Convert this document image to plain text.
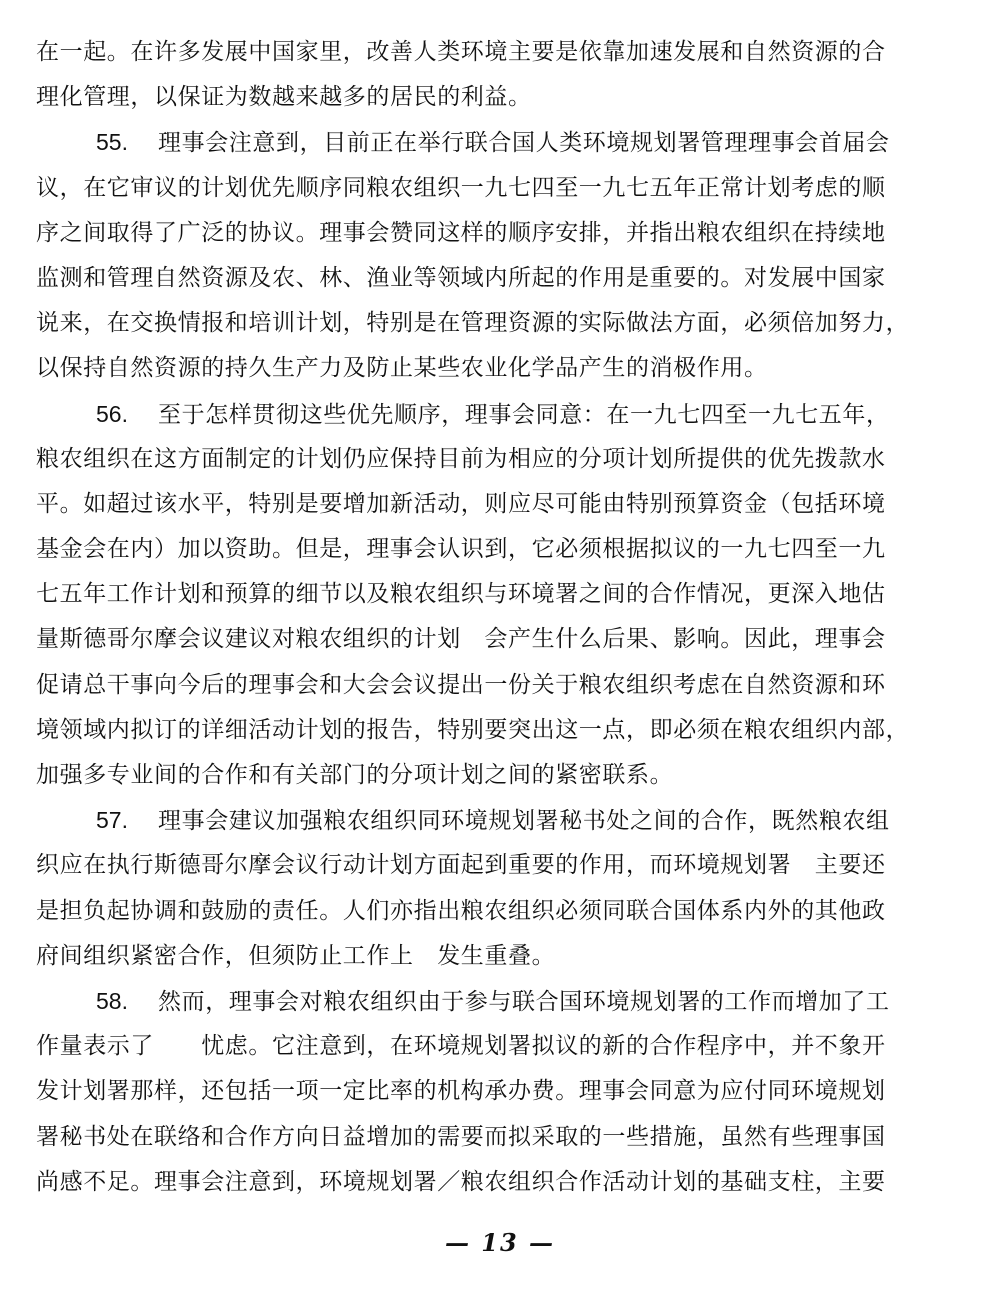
在一起。在许多发展中国家里，改善人类环境主要是依靠加速发展和自然资源的合
理化管理，以保证为数越来越多的居民的利益。
55. 理事会注意到，目前正在举行联合国人类环境规划署管理理事会首届会
议，在它审议的计划优先顺序同粮农组织一九七四至一九七五年正常计划考虑的顺
序之间取得了广泛的协议。理事会赞同这样的顺序安排，并指出粮农组织在持续地
监测和管理自然资源及农、林、渔业等领域内所起的作用是重要的。对发展中国家
说来，在交换情报和培训计划，特别是在管理资源的实际做法方面，必须倍加努力，
以保持自然资源的持久生产力及防止某些农业化学品产生的消极作用。
56. 至于怎样贯彻这些优先顺序，理事会同意：在一九七四至一九七五年，
粮农组织在这方面制定的计划仍应保持目前为相应的分项计划所提供的优先拨款水
平。如超过该水平，特别是要增加新活动，则应尽可能由特别预算资金（包括环境
基金会在内）加以资助。但是，理事会认识到，它必须根据拟议的一九七四至一九
七五年工作计划和预算的细节以及粮农组织与环境署之间的合作情况，更深入地估
量斯德哥尔摩会议建议对粮农组织的计划　会产生什么后果、影响。因此，理事会
促请总干事向今后的理事会和大会会议提出一份关于粮农组织考虑在自然资源和环
境领域内拟订的详细活动计划的报告，特别要突出这一点，即必须在粮农组织内部，
加强多专业间的合作和有关部门的分项计划之间的紧密联系。
57. 理事会建议加强粮农组织同环境规划署秘书处之间的合作，既然粮农组
织应在执行斯德哥尔摩会议行动计划方面起到重要的作用，而环境规划署　主要还
是担负起协调和鼓励的责任。人们亦指出粮农组织必须同联合国体系内外的其他政
府间组织紧密合作，但须防止工作上　发生重叠。
58. 然而，理事会对粮农组织由于参与联合国环境规划署的工作而增加了工
作量表示了　　忧虑。它注意到，在环境规划署拟议的新的合作程序中，并不象开
发计划署那样，还包括一项一定比率的机构承办费。理事会同意为应付同环境规划
署秘书处在联络和合作方向日益增加的需要而拟采取的一些措施，虽然有些理事国
尚感不足。理事会注意到，环境规划署／粮农组织合作活动计划的基础支柱，主要
— 13 —
